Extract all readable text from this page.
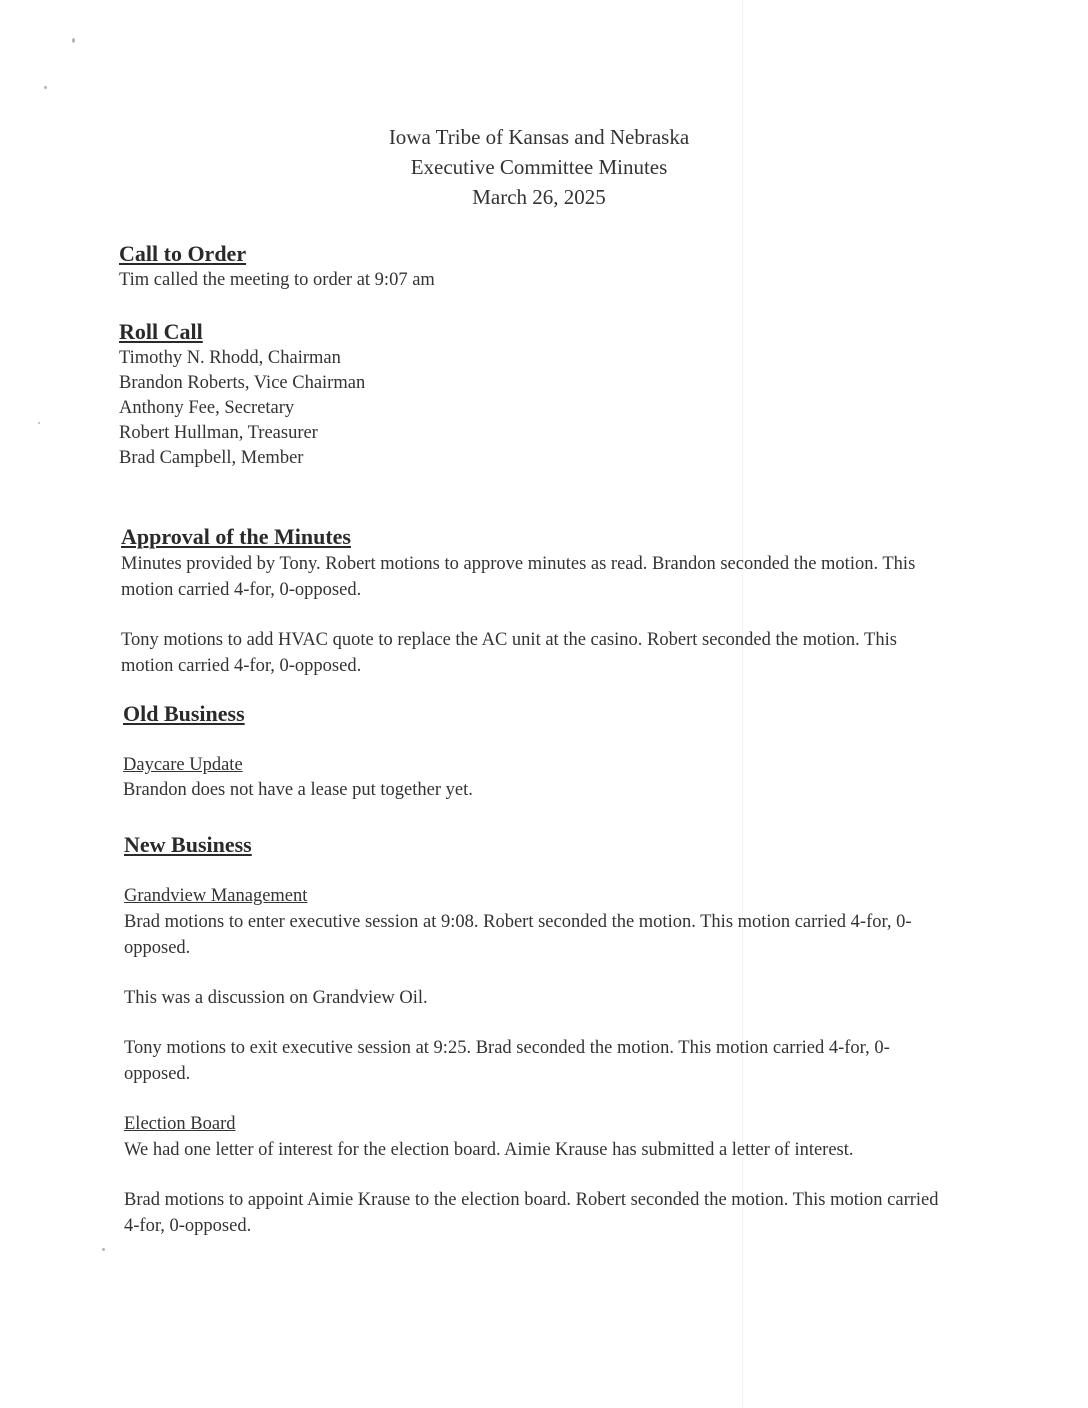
Iowa Tribe of Kansas and Nebraska
Executive Committee Minutes
March 26, 2025
Call to Order
Tim called the meeting to order at 9:07 am
Roll Call
Timothy N. Rhodd, Chairman
Brandon Roberts, Vice Chairman
Anthony Fee, Secretary
Robert Hullman, Treasurer
Brad Campbell, Member
Approval of the Minutes
Minutes provided by Tony. Robert motions to approve minutes as read. Brandon seconded the motion. This motion carried 4-for, 0-opposed.
Tony motions to add HVAC quote to replace the AC unit at the casino. Robert seconded the motion. This motion carried 4-for, 0-opposed.
Old Business
Daycare Update
Brandon does not have a lease put together yet.
New Business
Grandview Management
Brad motions to enter executive session at 9:08. Robert seconded the motion. This motion carried 4-for, 0-opposed.
This was a discussion on Grandview Oil.
Tony motions to exit executive session at 9:25. Brad seconded the motion. This motion carried 4-for, 0-opposed.
Election Board
We had one letter of interest for the election board. Aimie Krause has submitted a letter of interest.
Brad motions to appoint Aimie Krause to the election board. Robert seconded the motion. This motion carried 4-for, 0-opposed.
